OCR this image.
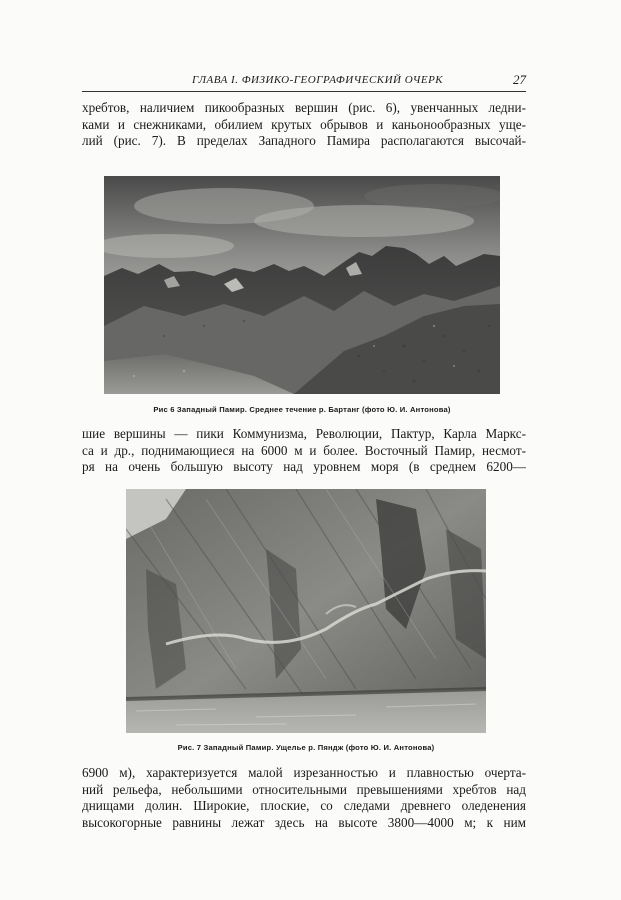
ГЛАВА I. ФИЗИКО-ГЕОГРАФИЧЕСКИЙ ОЧЕРК	27
хребтов, наличием пикообразных вершин (рис. 6), увенчанных ледни-
ками и снежниками, обилием крутых обрывов и каньонообразных уще-
лий (рис. 7). В пределах Западного Памира располагаются высочай-
Рис 6 Западный Памир. Среднее течение р. Бартанг (фото Ю. И. Антонова)
шие вершины — пики Коммунизма, Революции, Пактур, Карла Маркс-
са и др., поднимающиеся на 6000 м и более. Восточный Памир, несмот-
ря на очень большую высоту над уровнем моря (в среднем 6200—
Рис. 7 Западный Памир. Ущелье р. Пяндж (фото Ю. И. Антонова)
6900 м), характеризуется малой изрезанностью и плавностью очерта-
ний рельефа, небольшими относительными превышениями хребтов над
днищами долин. Широкие, плоские, со следами древнего оледенения
высокогорные равнины лежат здесь на высоте 3800—4000 м; к ним
